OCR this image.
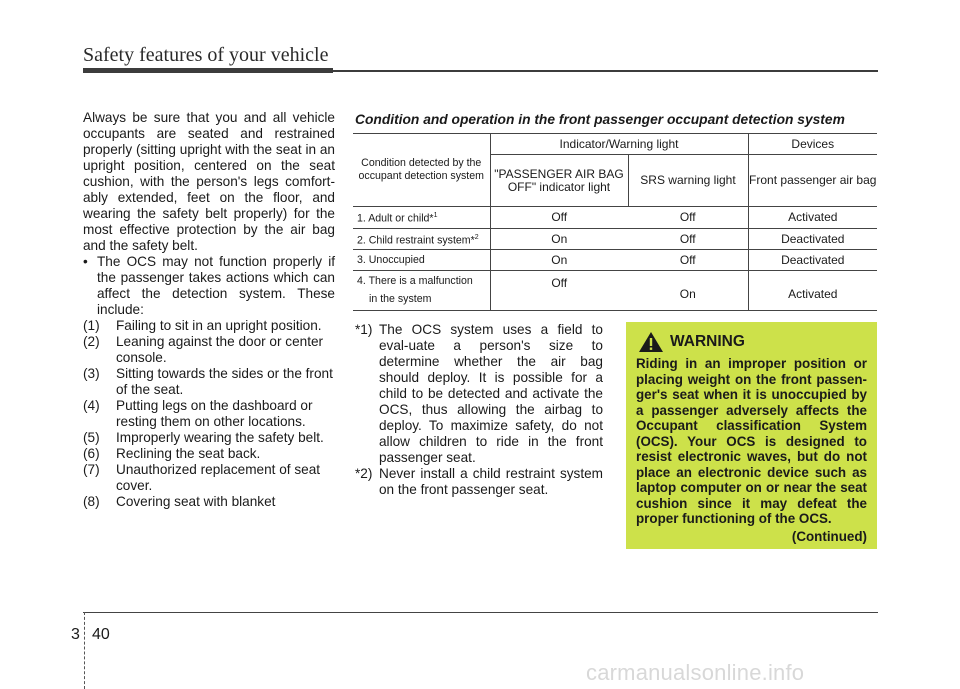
Safety features of your vehicle

Always be sure that you and all vehicle occupants are seated and restrained properly (sitting upright with the seat in an upright position, centered on the seat cushion, with the person's legs comfort-ably extended, feet on the floor, and wearing the safety belt properly) for the most effective protection by the air bag and the safety belt.

• The OCS may not function properly if the passenger takes actions which can affect the detection system. These include:
(1)	Failing to sit in an upright position.
(2)	Leaning against the door or center console.
(3)	Sitting towards the sides or the front of the seat.
(4)	Putting legs on the dashboard or resting them on other locations.
(5)	Improperly wearing the safety belt.
(6)	Reclining the seat back.
(7)	Unauthorized replacement of seat cover.
(8)	Covering seat with blanket
Condition and operation in the front passenger occupant detection system
Condition detected by the occupant detection system	Indicator/Warning light		Devices
	"PASSENGER AIR BAG OFF" indicator light	SRS warning light	Front passenger air bag
1. Adult or child*$^1$	Off	Off	Activated
2. Child restraint system*$^2$	On	Off	Deactivated
3. Unoccupied	On	Off	Deactivated

4. There is a malfunction
in the system	Off	On	Activated
*1) The OCS system uses a field to eval-uate a person's size to determine whether the air bag should deploy. It is possible for a child to be detected and activate the OCS, thus allowing the airbag to deploy. To maximize safety, do not allow children to ride in the front passenger seat.
*2) Never install a child restraint system on the front passenger seat.
WARNING
Riding in an improper position or placing weight on the front passen-ger's seat when it is unoccupied by a passenger adversely affects the Occupant classification System (OCS). Your OCS is designed to resist electronic waves, but do not place an electronic device such as laptop computer on or near the seat cushion since it may defeat the proper functioning of the OCS.
(Continued)
3 40
carmanualsonline.info
